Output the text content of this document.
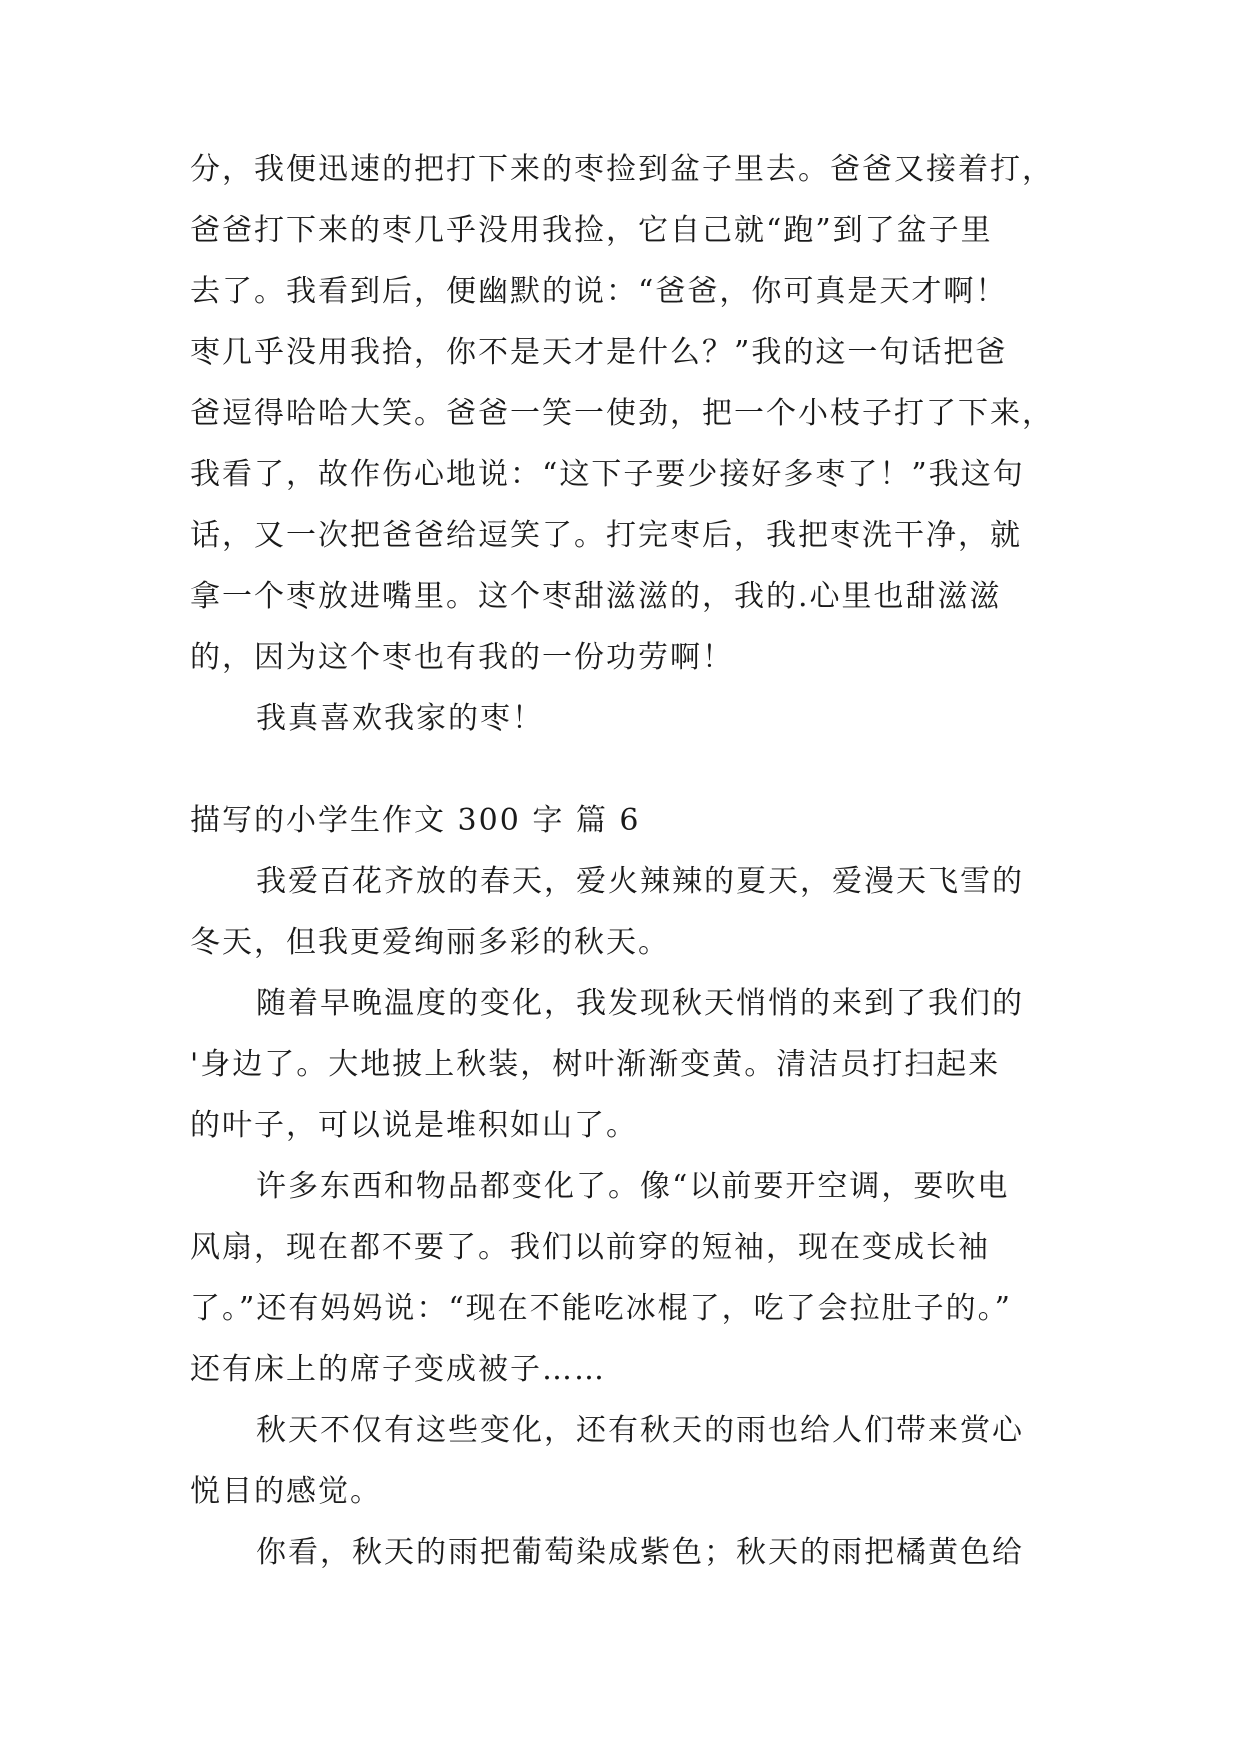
分，我便迅速的把打下来的枣捡到盆子里去。爸爸又接着打，
爸爸打下来的枣几乎没用我捡，它自己就“跑”到了盆子里
去了。我看到后，便幽默的说：“爸爸，你可真是天才啊！
枣几乎没用我拾，你不是天才是什么？”我的这一句话把爸
爸逗得哈哈大笑。爸爸一笑一使劲，把一个小枝子打了下来，
我看了，故作伤心地说：“这下子要少接好多枣了！”我这句
话，又一次把爸爸给逗笑了。打完枣后，我把枣洗干净，就
拿一个枣放进嘴里。这个枣甜滋滋的，我的.心里也甜滋滋
的，因为这个枣也有我的一份功劳啊！
我真喜欢我家的枣！
描写的小学生作文 300 字 篇 6
我爱百花齐放的春天，爱火辣辣的夏天，爱漫天飞雪的
冬天，但我更爱绚丽多彩的秋天。
随着早晚温度的变化，我发现秋天悄悄的来到了我们的
'身边了。大地披上秋装，树叶渐渐变黄。清洁员打扫起来
的叶子，可以说是堆积如山了。
许多东西和物品都变化了。像“以前要开空调，要吹电
风扇，现在都不要了。我们以前穿的短袖，现在变成长袖
了。”还有妈妈说：“现在不能吃冰棍了，吃了会拉肚子的。”
还有床上的席子变成被子……
秋天不仅有这些变化，还有秋天的雨也给人们带来赏心
悦目的感觉。
你看，秋天的雨把葡萄染成紫色；秋天的雨把橘黄色给
